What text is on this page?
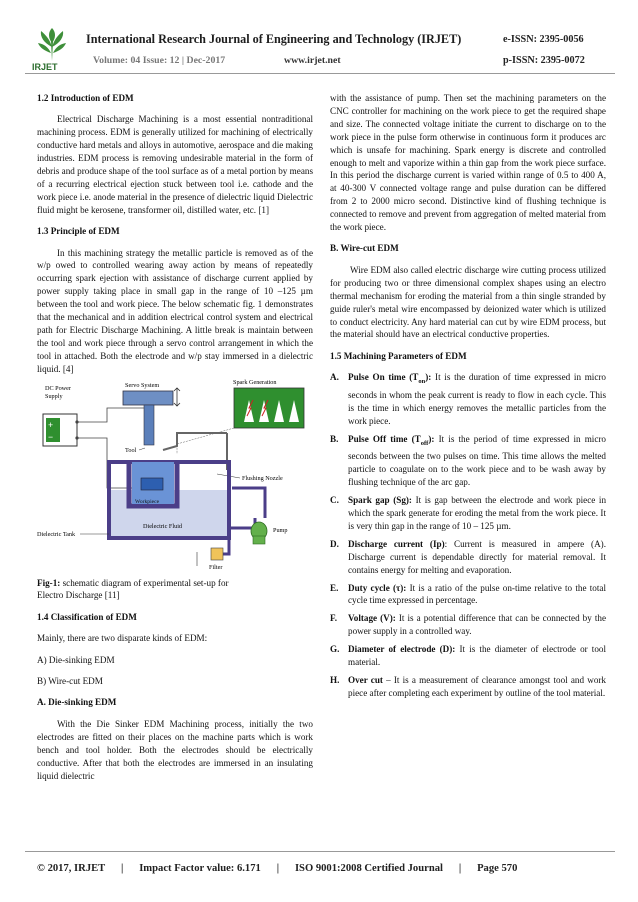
IRJET
International Research Journal of Engineering and Technology (IRJET)	e-ISSN: 2395-0056
Volume: 04 Issue: 12 | Dec-2017	www.irjet.net	p-ISSN: 2395-0072

1.2 Introduction of EDM

Electrical Discharge Machining is a most essential nontraditional machining process. EDM is generally utilized for machining of electrically conductive hard metals and alloys in automotive, aerospace and die making industries. EDM process is removing undesirable material in the form of debris and produce shape of the tool surface as of a metal portion by means of a recurring electrical ejection stuck between tool i.e. cathode and the work piece i.e. anode material in the presence of dielectric liquid Dielectric fluid might be kerosene, transformer oil, distilled water, etc. [1]

1.3 Principle of EDM

In this machining strategy the metallic particle is removed as of the w/p owed to controlled wearing away action by means of repeatedly occurring spark ejection with assistance of discharge current applied by power supply taking place in small gap in the range of 10 –125 µm between the tool and work piece. The below schematic fig. 1 demonstrates that the mechanical and in addition electrical control system and electrical path for Electric Discharge Machining. A little break is maintain between the tool and work piece through a servo control arrangement in which the tool in attached. Both the electrode and w/p stay immersed in a dielectric liquid. [4]

+
−
DC Power
Supply
Servo System
Tool
Spark Generation
Flushing Nozzle
Workpiece
Dielectric Fluid
Pump
Filter
Dielectric Tank

Fig-1: schematic diagram of experimental set-up for

Electro Discharge [11]

1.4 Classification of EDM

Mainly, there are two disparate kinds of EDM:

A) Die-sinking EDM

B) Wire-cut EDM

A. Die-sinking EDM

With the Die Sinker EDM Machining process, initially the two electrodes are fitted on their places on the machine parts which is work bench and tool holder. Both the electrodes should be electrically conductive. After that both the electrodes are immersed in an insulating liquid dielectric

with the assistance of pump. Then set the machining parameters on the CNC controller for machining on the work piece to get the required shape and size. The connected voltage initiate the current to discharge on to the work piece in the pulse form otherwise in continuous form it produces arc which is unsafe for machining. Spark energy is discrete and controlled enough to melt and vaporize within a thin gap from the work piece surface. In this period the discharge current is varied within range of 0.5 to 400 A, at 40-300 V connected voltage range and pulse duration can be differed from 2 to 2000 micro second. Distinctive kind of flushing technique is connected to remove and prevent from aggregation of melted material from the work piece.

B. Wire-cut EDM

Wire EDM also called electric discharge wire cutting process utilized for producing two or three dimensional complex shapes using an electro thermal mechanism for eroding the material from a thin single stranded by guide ruler's metal wire encompassed by deionized water which is utilized to conduct electricity. Any hard material can cut by wire EDM process, but the material should have an electrical conductive properties.

1.5 Machining Parameters of EDM

A. Pulse On time $(T_{on})$: It is the duration of time expressed in micro seconds in whom the peak current is ready to flow in each cycle. This is the time in which energy removes the metallic particles from the work piece.
B. Pulse Off time $(T_{off})$: It is the period of time expressed in micro seconds between the two pulses on time. This time allows the melted particle to coagulate on to the work piece and to be wash away by flushing technique of the arc gap.
C. Spark gap (Sg): It is gap between the electrode and work piece in which the spark generate for eroding the metal from the work piece. It is very thin gap in the range of 10 – 125 µm.
D. Discharge current (Ip): Current is measured in ampere (A). Discharge current is dependable directly for material removal. It contains energy for melting and evaporation.
E. Duty cycle (τ): It is a ratio of the pulse on-time relative to the total cycle time expressed in percentage.
F. Voltage (V): It is a potential difference that can be connected by the power supply in a controlled way.
G. Diameter of electrode (D): It is the diameter of electrode or tool material.
H. Over cut – It is a measurement of clearance amongst tool and work piece after completing each experiment by outline of the tool material.
© 2017, IRJET      |      Impact Factor value: 6.171      |      ISO 9001:2008 Certified Journal      |      Page 570
